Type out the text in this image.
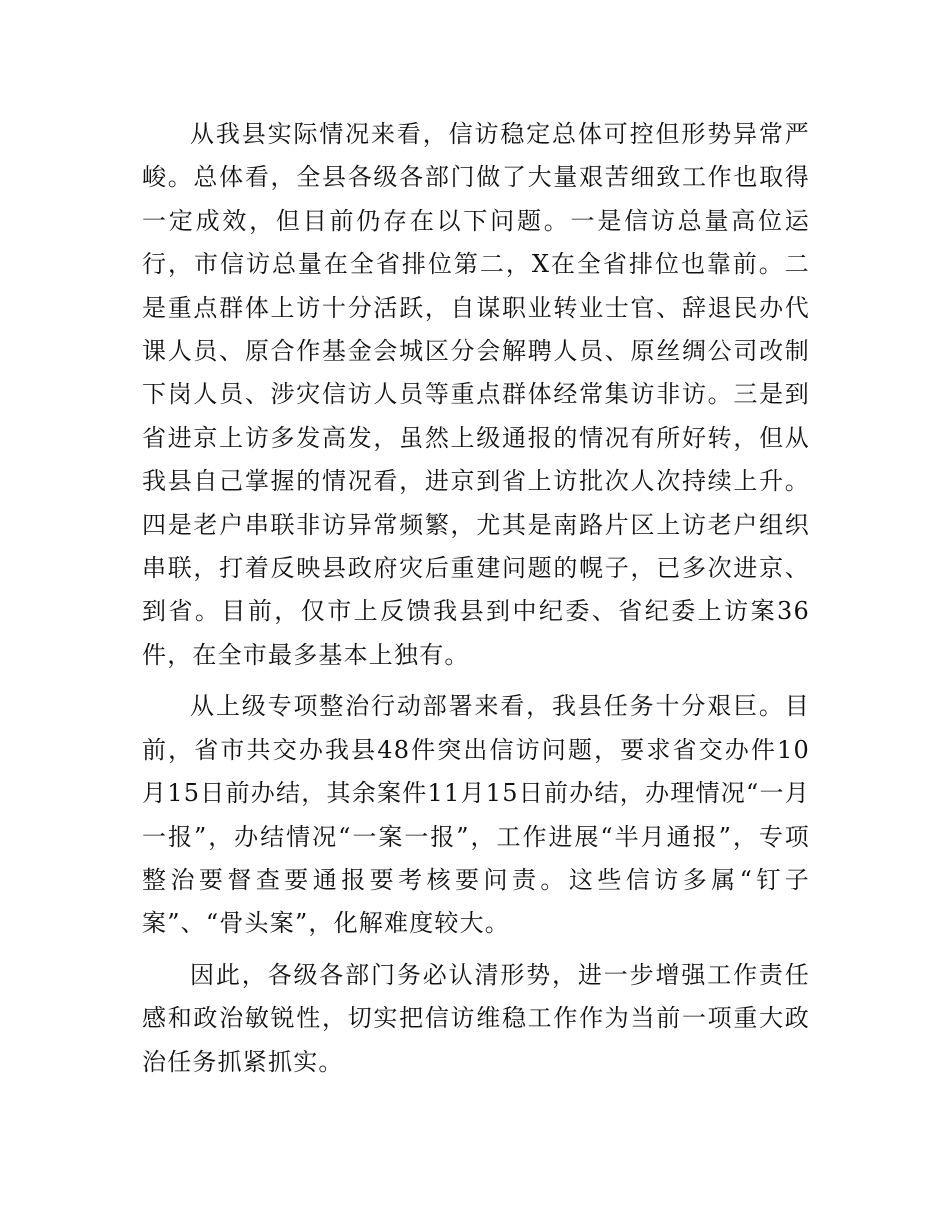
从我县实际情况来看，信访稳定总体可控但形势异常严峻。总体看，全县各级各部门做了大量艰苦细致工作也取得一定成效，但目前仍存在以下问题。一是信访总量高位运行，市信访总量在全省排位第二，X在全省排位也靠前。二是重点群体上访十分活跃，自谋职业转业士官、辞退民办代课人员、原合作基金会城区分会解聘人员、原丝绸公司改制下岗人员、涉灾信访人员等重点群体经常集访非访。三是到省进京上访多发高发，虽然上级通报的情况有所好转，但从我县自己掌握的情况看，进京到省上访批次人次持续上升。四是老户串联非访异常频繁，尤其是南路片区上访老户组织串联，打着反映县政府灾后重建问题的幌子，已多次进京、到省。目前，仅市上反馈我县到中纪委、省纪委上访案36件，在全市最多基本上独有。

从上级专项整治行动部署来看，我县任务十分艰巨。目前，省市共交办我县48件突出信访问题，要求省交办件10月15日前办结，其余案件11月15日前办结，办理情况“一月一报”，办结情况“一案一报”，工作进展“半月通报”，专项整治要督查要通报要考核要问责。这些信访多属“钉子案”、“骨头案”，化解难度较大。

因此，各级各部门务必认清形势，进一步增强工作责任感和政治敏锐性，切实把信访维稳工作作为当前一项重大政治任务抓紧抓实。
